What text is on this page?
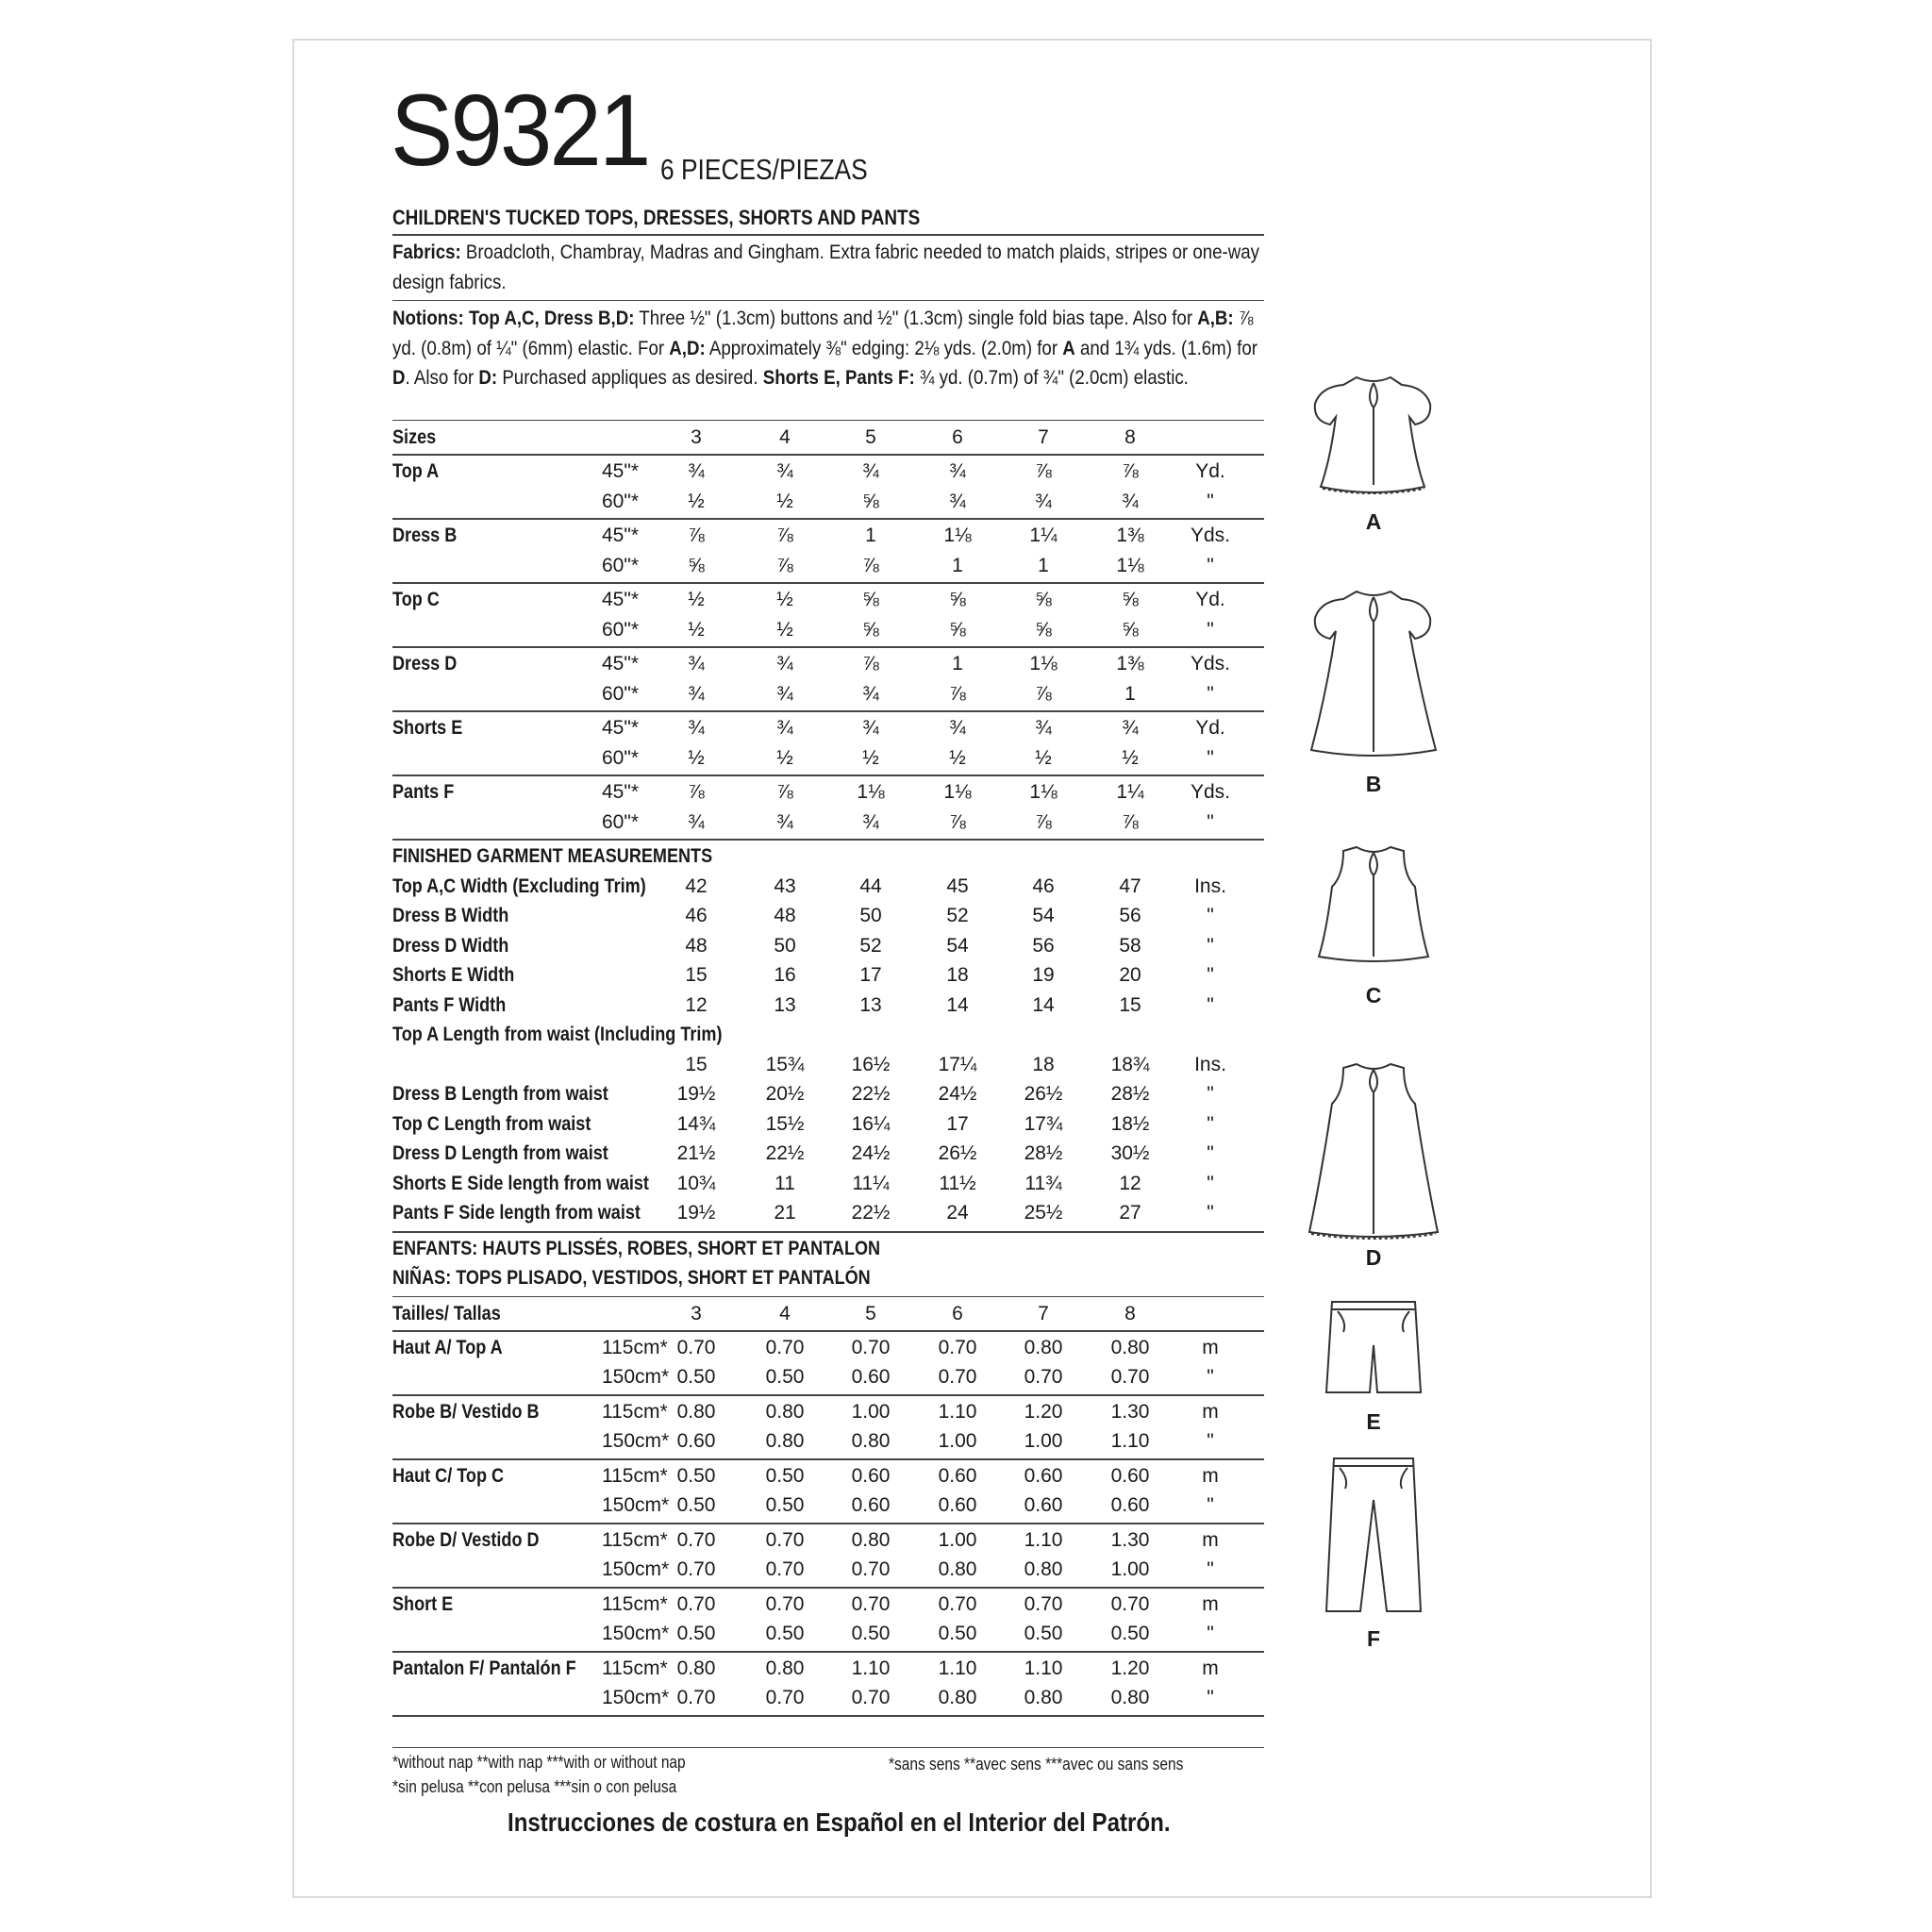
S9321 6 PIECES/PIEZAS
CHILDREN'S TUCKED TOPS, DRESSES, SHORTS AND PANTS
Fabrics: Broadcloth, Chambray, Madras and Gingham. Extra fabric needed to match plaids, stripes or one-way design fabrics.
Notions: Top A,C, Dress B,D: Three ½" (1.3cm) buttons and ½" (1.3cm) single fold bias tape. Also for A,B: ⅞ yd. (0.8m) of ¼" (6mm) elastic. For A,D: Approximately ⅜" edging: 2⅛ yds. (2.0m) for A and 1¾ yds. (1.6m) for D. Also for D: Purchased appliques as desired. Shorts E, Pants F: ¾ yd. (0.7m) of ¾" (2.0cm) elastic.
Sizes	3	4	5	6	7	8
Top A	45"* ¾	¾	¾	¾	⅞	⅞	Yd.
60"* ½	½	⅝	¾	¾	¾	"
Dress B	45"* ⅞	⅞	1	1⅛	1¼	1⅜ Yds.
60"* ⅝	⅞	⅞	1	1	1⅛	"
Top C	45"* ½	½	⅝	⅝	⅝	⅝	Yd.
60"* ½	½	⅝	⅝	⅝	⅝	"
Dress D	45"* ¾	¾	⅞	1	1⅛	1⅜ Yds.
60"* ¾	¾	¾	⅞	⅞	1	"
Shorts E	45"* ¾	¾	¾	¾	¾	¾	Yd.
60"* ½	½	½	½	½	½	"
Pants F	45"* ⅞	⅞	1⅛	1⅛	1⅛	1¼ Yds.
60"* ¾	¾	¾	⅞	⅞	⅞	"
FINISHED GARMENT MEASUREMENTS
Top A,C Width (Excluding Trim) 42	43	44	45	46	47	Ins.
Dress B Width	46	48	50	52	54	56	"
Dress D Width	48	50	52	54	56	58	"
Shorts E Width	15	16	17	18	19	20	"
Pants F Width	12	13	13	14	14	15	"
Top A Length from waist (Including Trim)
15	15¾ 16½ 17¼	18	18¾ Ins.
Dress B Length from waist	19½	20½ 22½ 24½ 26½ 28½	"
Top C Length from waist	14¾	15½ 16¼	17	17¾ 18½	"
Dress D Length from waist	21½	22½ 24½ 26½ 28½ 30½	"
Shorts E Side length from waist 10¾	11	11¼	11½ 11¾	12	"
Pants F Side length from waist 19½	21	22½	24	25½	27	"
ENFANTS: HAUTS PLISSÉS, ROBES, SHORT ET PANTALON
NIÑAS: TOPS PLISADO, VESTIDOS, SHORT ET PANTALÓN
Tailles/ Tallas	3	4	5	6	7	8
Haut A/ Top A	115cm* 0.70	0.70 0.70 0.70 0.80 0.80	m
150cm* 0.50	0.50 0.60 0.70 0.70 0.70	"
Robe B/ Vestido B	115cm* 0.80	0.80 1.00 1.10 1.20 1.30	m
150cm* 0.60	0.80 0.80 1.00 1.00 1.10	"
Haut C/ Top C	115cm* 0.50	0.50 0.60 0.60 0.60 0.60	m
150cm* 0.50	0.50 0.60 0.60 0.60 0.60	"
Robe D/ Vestido D	115cm* 0.70	0.70 0.80 1.00 1.10 1.30	m
150cm* 0.70	0.70 0.70 0.80 0.80 1.00	"
Short E	115cm* 0.70	0.70 0.70 0.70 0.70 0.70	m
150cm* 0.50	0.50 0.50 0.50 0.50 0.50	"
Pantalon F/ Pantalón F 115cm* 0.80	0.80 1.10 1.10 1.10 1.20	m
150cm* 0.70	0.70 0.70 0.80 0.80 0.80	"
*without nap **with nap ***with or without nap
*sin pelusa **con pelusa ***sin o con pelusa
*sans sens **avec sens ***avec ou sans sens
Instrucciones de costura en Español en el Interior del Patrón.
A
B
C
D
E
F
